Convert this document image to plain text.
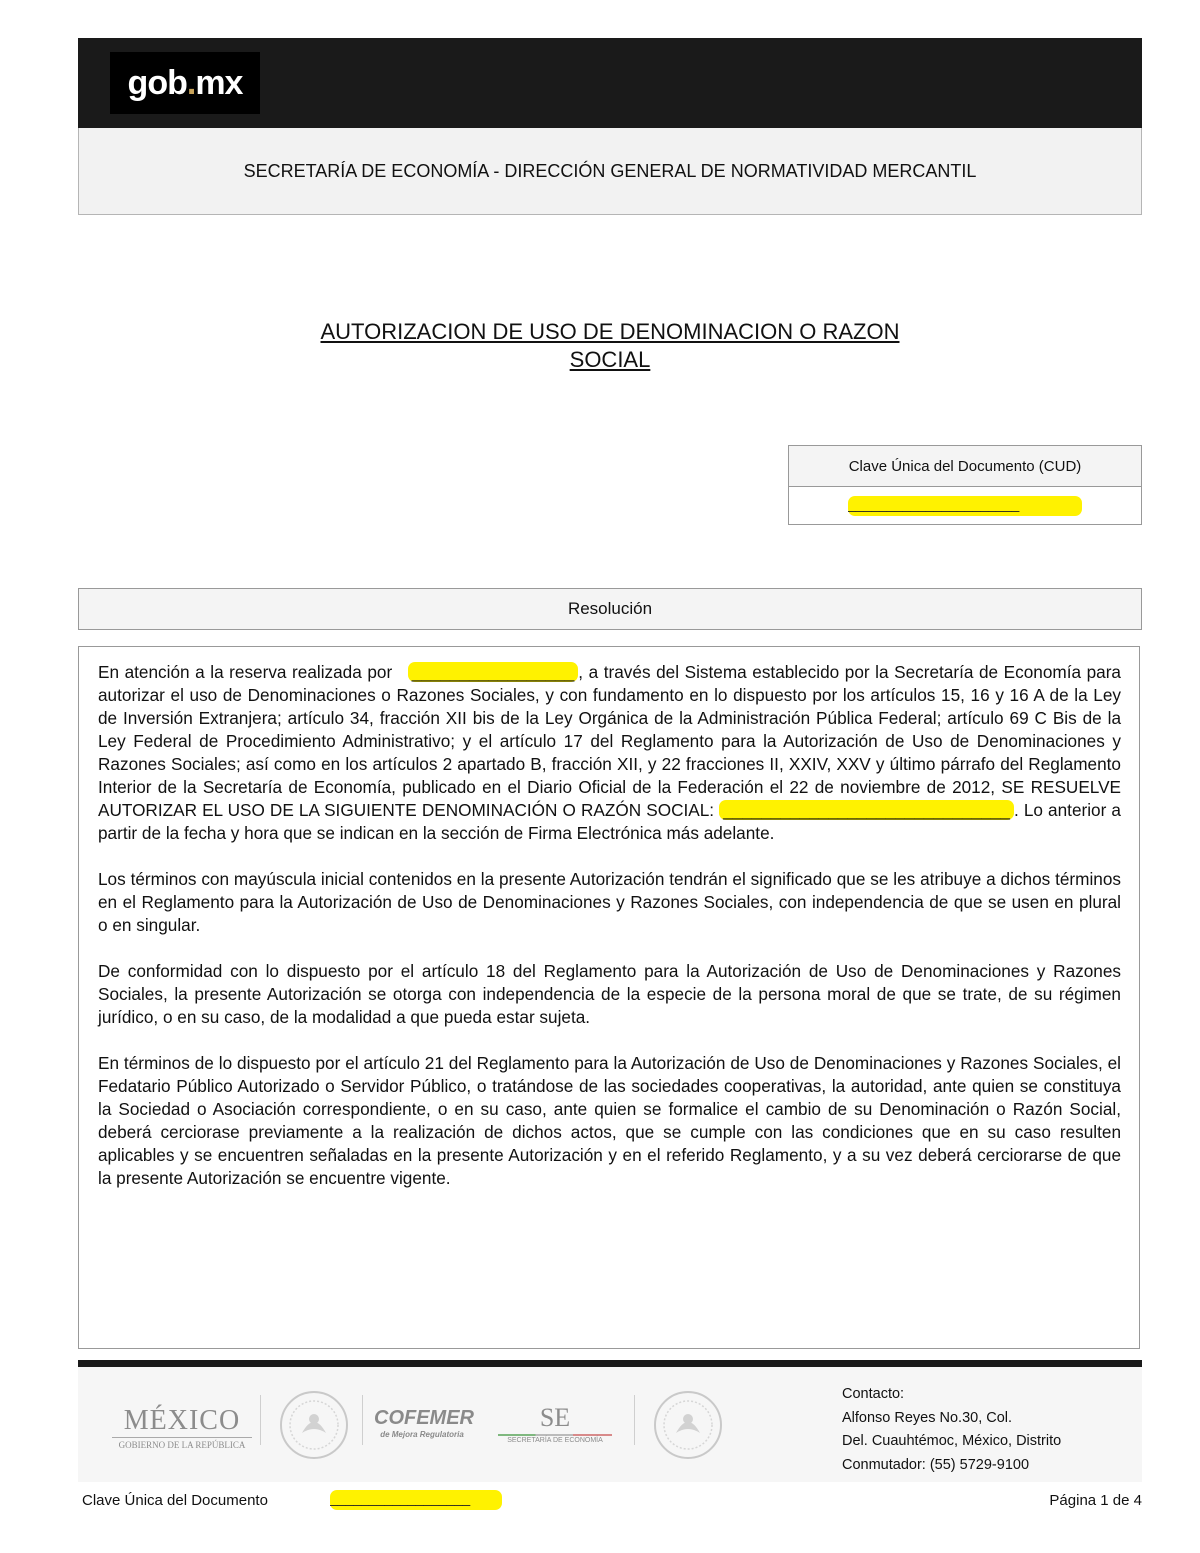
gob.mx
SECRETARÍA DE ECONOMÍA - DIRECCIÓN GENERAL DE NORMATIVIDAD MERCANTIL
AUTORIZACION DE USO DE DENOMINACION O RAZON
SOCIAL
Clave Única del Documento (CUD)
______________________
Resolución

En atención a la reserva realizada por _________________ , a través del Sistema establecido por la Secretaría de Economía para autorizar el uso de Denominaciones o Razones Sociales, y con fundamento en lo dispuesto por los artículos 15, 16 y 16 A de la Ley de Inversión Extranjera; artículo 34, fracción XII bis de la Ley Orgánica de la Administración Pública Federal; artículo 69 C Bis de la Ley Federal de Procedimiento Administrativo; y el artículo 17 del Reglamento para la Autorización de Uso de Denominaciones y Razones Sociales; así como en los artículos 2 apartado B, fracción XII, y 22 fracciones II, XXIV, XXV y último párrafo del Reglamento Interior de la Secretaría de Economía, publicado en el Diario Oficial de la Federación el 22 de noviembre de 2012, SE RESUELVE AUTORIZAR EL USO DE LA SIGUIENTE DENOMINACIÓN O RAZÓN SOCIAL: ______________________________ . Lo anterior a partir de la fecha y hora que se indican en la sección de Firma Electrónica más adelante.

Los términos con mayúscula inicial contenidos en la presente Autorización tendrán el significado que se les atribuye a dichos términos en el Reglamento para la Autorización de Uso de Denominaciones y Razones Sociales, con independencia de que se usen en plural o en singular.

De conformidad con lo dispuesto por el artículo 18 del Reglamento para la Autorización de Uso de Denominaciones y Razones Sociales, la presente Autorización se otorga con independencia de la especie de la persona moral de que se trate, de su régimen jurídico, o en su caso, de la modalidad a que pueda estar sujeta.

En términos de lo dispuesto por el artículo 21 del Reglamento para la Autorización de Uso de Denominaciones y Razones Sociales, el Fedatario Público Autorizado o Servidor Público, o tratándose de las sociedades cooperativas, la autoridad, ante quien se constituya la Sociedad o Asociación correspondiente, o en su caso, ante quien se formalice el cambio de su Denominación o Razón Social, deberá cerciorase previamente a la realización de dichos actos, que se cumple con las condiciones que en su caso resulten aplicables y se encuentren señaladas en la presente Autorización y en el referido Reglamento, y a su vez deberá cerciorarse de que la presente Autorización se encuentre vigente.

MÉXICO
GOBIERNO DE LA REPÚBLICA
COFEMER
de Mejora Regulatoria
SE
SECRETARÍA DE ECONOMÍA
Contacto:
Alfonso Reyes No.30, Col.
Del. Cuauhtémoc, México, Distrito
Conmutador: (55) 5729-9100
Clave Única del Documento	__________________	Página 1 de 4
